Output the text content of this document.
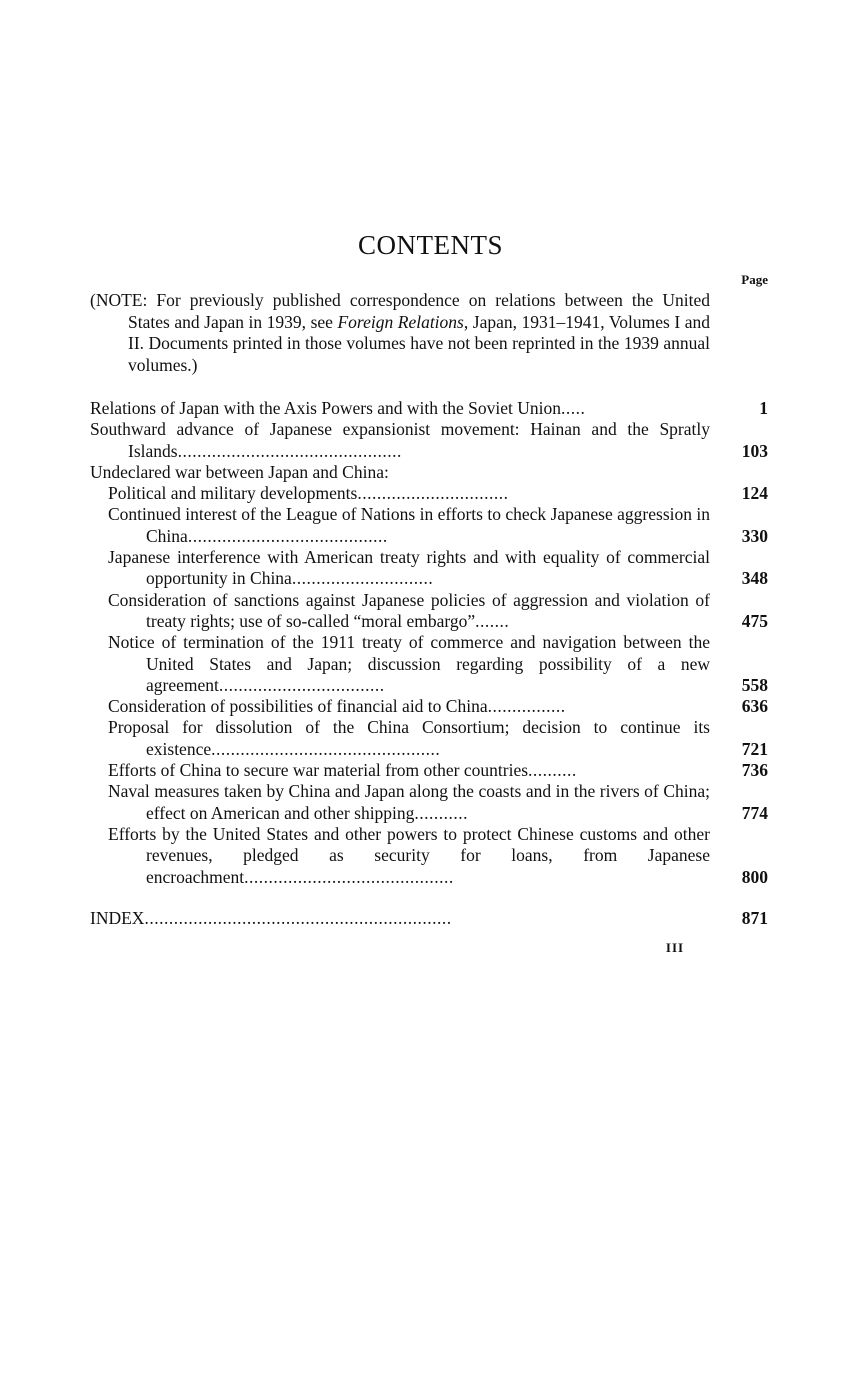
CONTENTS
Page

(NOTE: For previously published correspondence on relations between the United States and Japan in 1939, see Foreign Relations, Japan, 1931–1941, Volumes I and II. Documents printed in those volumes have not been reprinted in the 1939 annual volumes.)

Relations of Japan with the Axis Powers and with the Soviet Union.....	1
Southward advance of Japanese expansionist movement: Hainan and the Spratly Islands..............................................	103
Undeclared war between Japan and China:
Political and military developments...............................	124
Continued interest of the League of Nations in efforts to check Japanese aggression in China.........................................	330
Japanese interference with American treaty rights and with equality of commercial opportunity in China.............................	348
Consideration of sanctions against Japanese policies of aggression and violation of treaty rights; use of so-called “moral embargo”.......	475
Notice of termination of the 1911 treaty of commerce and navigation between the United States and Japan; discussion regarding possibility of a new agreement..................................	558
Consideration of possibilities of financial aid to China................	636
Proposal for dissolution of the China Consortium; decision to continue its existence...............................................	721
Efforts of China to secure war material from other countries..........	736
Naval measures taken by China and Japan along the coasts and in the rivers of China; effect on American and other shipping...........	774
Efforts by the United States and other powers to protect Chinese customs and other revenues, pledged as security for loans, from Japanese encroachment...........................................	800
INDEX...............................................................	871
III
